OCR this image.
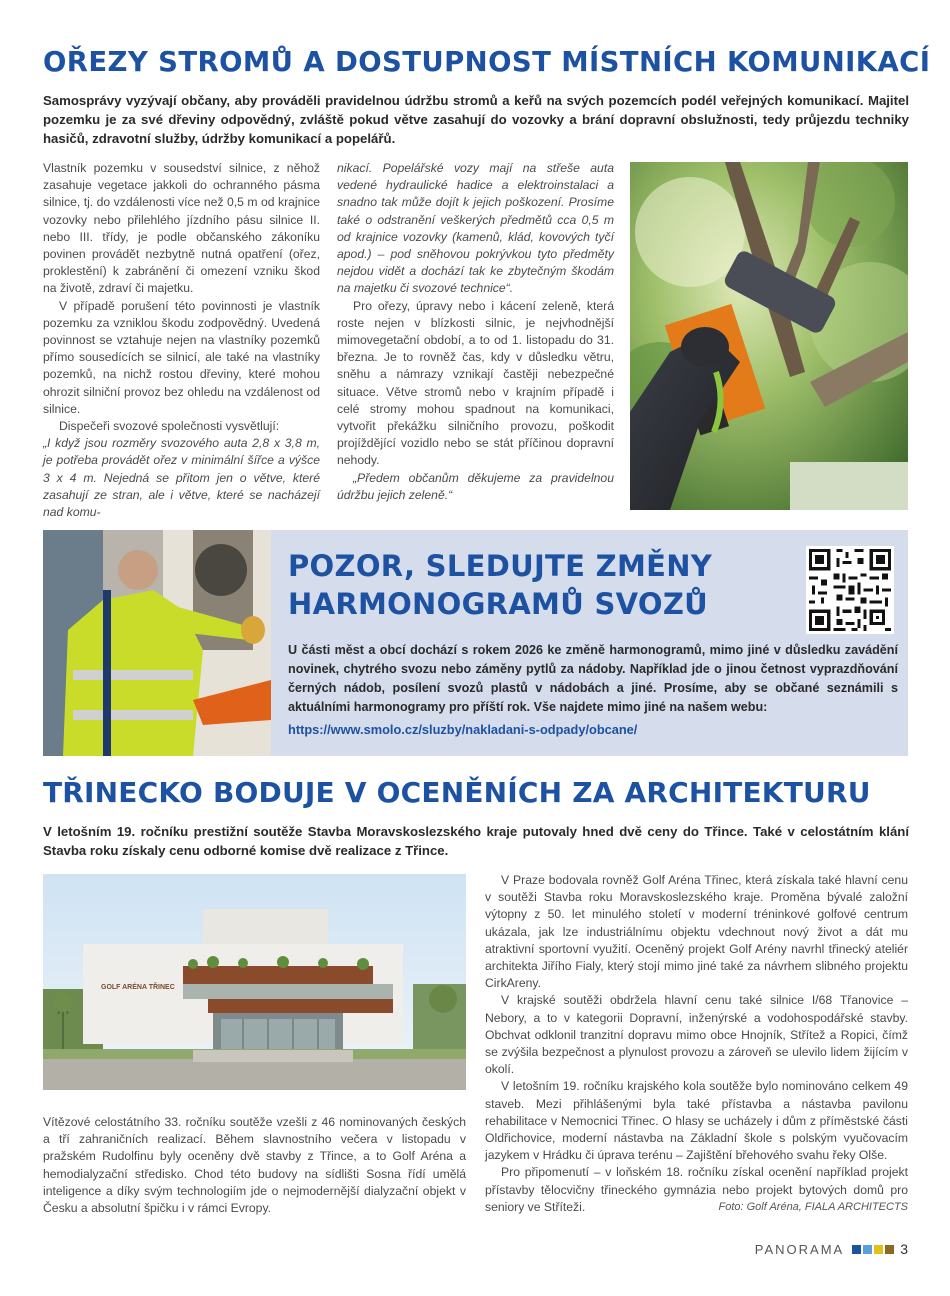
OŘEZY STROMŮ A DOSTUPNOST MÍSTNÍCH KOMUNIKACÍ
Samosprávy vyzývají občany, aby prováděli pravidelnou údržbu stromů a keřů na svých pozemcích podél veřejných komunikací. Majitel pozemku je za své dřeviny odpovědný, zvláště pokud větve zasahují do vozovky a brání dopravní obslužnosti, tedy průjezdu techniky hasičů, zdravotní služby, údržby komunikací a popelářů.

Vlastník pozemku v sousedství silnice, z něhož zasahuje vegetace jakkoli do ochranného pásma silnice, tj. do vzdálenosti více než 0,5 m od krajnice vozovky nebo přilehlého jízdního pásu silnice II. nebo III. třídy, je podle občanského zákoníku povinen provádět nezbytně nutná opatření (ořez, proklestění) k zabránění či omezení vzniku škod na životě, zdraví či majetku.

V případě porušení této povinnosti je vlastník pozemku za vzniklou škodu zodpovědný. Uvedená povinnost se vztahuje nejen na vlastníky pozemků přímo sousedících se silnicí, ale také na vlastníky pozemků, na nichž rostou dřeviny, které mohou ohrozit silniční provoz bez ohledu na vzdálenost od silnice.

Dispečeři svozové společnosti vysvětlují:

„I když jsou rozměry svozového auta 2,8 x 3,8 m, je potřeba provádět ořez v minimální šířce a výšce 3 x 4 m. Nejedná se přitom jen o větve, které zasahují ze stran, ale i větve, které se nacházejí nad komu-

nikací. Popelářské vozy mají na střeše auta vedené hydraulické hadice a elektroinstalaci a snadno tak může dojít k jejich poškození. Prosíme také o odstranění veškerých předmětů cca 0,5 m od krajnice vozovky (kamenů, klád, kovových tyčí apod.) – pod sněhovou pokrývkou tyto předměty nejdou vidět a dochází tak ke zbytečným škodám na majetku či svozové technice“.

Pro ořezy, úpravy nebo i kácení zeleně, která roste nejen v blízkosti silnic, je nejvhodnější mimovegetační období, a to od 1. listopadu do 31. března. Je to rovněž čas, kdy v důsledku větru, sněhu a námrazy vznikají častěji nebezpečné situace. Větve stromů nebo v krajním případě i celé stromy mohou spadnout na komunikaci, vytvořit překážku silničního provozu, poškodit projíždějící vozidlo nebo se stát příčinou dopravní nehody.

„Předem občanům děkujeme za pravidelnou údržbu jejich zeleně.“

POZOR, SLEDUJTE ZMĚNY
HARMONOGRAMŮ SVOZŮ
U části měst a obcí dochází s rokem 2026 ke změně harmonogramů, mimo jiné v důsledku zavádění novinek, chytrého svozu nebo záměny pytlů za nádoby. Například jde o jinou četnost vyprazdňování černých nádob, posílení svozů plastů v nádobách a jiné. Prosíme, aby se občané seznámili s aktuálními harmonogramy pro příští rok. Vše najdete mimo jiné na našem webu:
https://www.smolo.cz/sluzby/nakladani-s-odpady/obcane/
TŘINECKO BODUJE V OCENĚNÍCH ZA ARCHITEKTURU
V letošním 19. ročníku prestižní soutěže Stavba Moravskoslezského kraje putovaly hned dvě ceny do Třince. Také v celostátním klání Stavba roku získaly cenu odborné komise dvě realizace z Třince.
GOLF ARÉNA TŘINEC

Vítězové celostátního 33. ročníku soutěže vzešli z 46 nominovaných českých a tří zahraničních realizací. Během slavnostního večera v listopadu v pražském Rudolfinu byly oceněny dvě stavby z Třince, a to Golf Aréna a hemodialyzační středisko. Chod této budovy na sídlišti Sosna řídí umělá inteligence a díky svým technologiím jde o nejmodernější dialyzační objekt v Česku a absolutní špičku i v rámci Evropy.

V Praze bodovala rovněž Golf Aréna Třinec, která získala také hlavní cenu v soutěži Stavba roku Moravskoslezského kraje. Proměna bývalé založní výtopny z 50. let minulého století v moderní tréninkové golfové centrum ukázala, jak lze industriálnímu objektu vdechnout nový život a dát mu atraktivní sportovní využití. Oceněný projekt Golf Arény navrhl třinecký ateliér architekta Jiřího Fialy, který stojí mimo jiné také za návrhem slibného projektu CirkAreny.

V krajské soutěži obdržela hlavní cenu také silnice I/68 Třanovice – Nebory, a to v kategorii Dopravní, inženýrské a vodohospodářské stavby. Obchvat odklonil tranzitní dopravu mimo obce Hnojník, Střítež a Ropici, čímž se zvýšila bezpečnost a plynulost provozu a zároveň se ulevilo lidem žijícím v okolí.

V letošním 19. ročníku krajského kola soutěže bylo nominováno celkem 49 staveb. Mezi přihlášenými byla také přístavba a nástavba pavilonu rehabilitace v Nemocnici Třinec. O hlasy se ucházely i dům z příměstské části Oldřichovice, moderní nástavba na Základní škole s polským vyučovacím jazykem v Hrádku či úprava terénu – Zajištění břehového svahu řeky Olše.

Pro připomenutí – v loňském 18. ročníku získal ocenění například projekt přístavby tělocvičny třineckého gymnázia nebo projekt bytových domů pro seniory ve Stříteži.	Foto: Golf Aréna, FIALA ARCHITECTS
PANORAMA	3
